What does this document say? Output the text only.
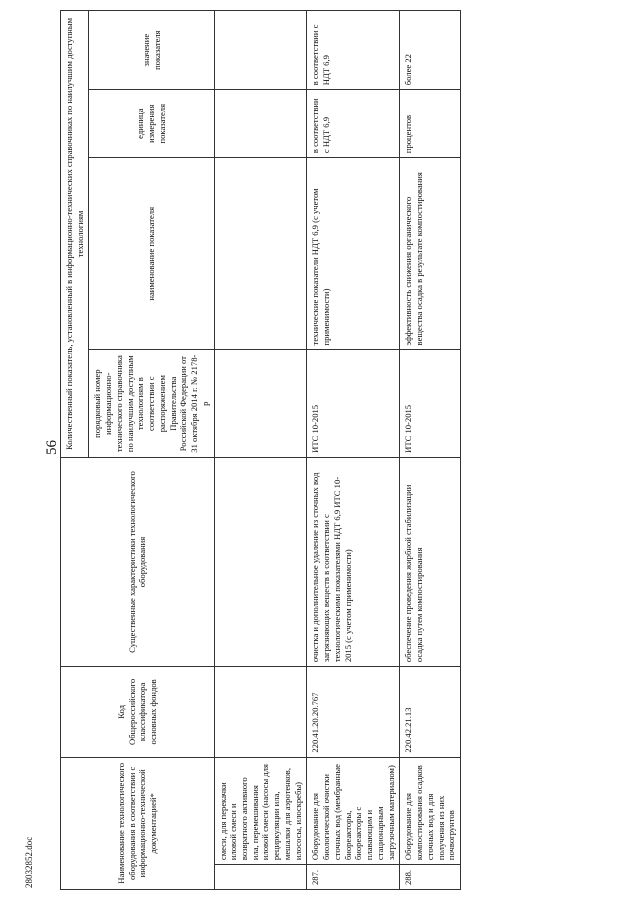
56
Наименование технологического оборудования в соответствии с информационно-технической документацией*		Код Общероссийского классификатора основных фондов	Существенные характеристики технологического оборудования	Количественный показатель, установленный в информационно-технических справочниках по наилучшим доступным технологиям			
				порядковый номер информационно-технического справочника по наилучшим доступным технологиям в соответствии с распоряжением Правительства Российской Федерации от 31 октября 2014 г. № 2178-р	наименование показателя	единица измерения показателя	значение показателя
	смеси, для перекачки иловой смеси и возвратного активного ила, перемешивания иловой смеси (насосы для рециркуляции ила, мешалки для аэротенков, илососы, илоскребы)						
287.	Оборудование для биологической очистки сточных вод (мембранные биореакторы, биореакторы с плавающим и стационарным загрузочным материалом)	220.41.20.20.767	очистка и дополнительное удаление из сточных вод загрязняющих веществ в соответствии с технологическими показателями НДТ 6,9 ИТС 10-2015 (с учетом применимости)	ИТС 10-2015	технические показатели НДТ 6,9 (с учетом применимости)	в соответствии с НДТ 6,9	в соответствии с НДТ 6,9
288.	Оборудование для компостирования осадков сточных вод и для получения из них почвогрунтов	220.42.21.13	обеспечение проведения жирбной стабилизации осадка путем компостирования	ИТС 10-2015	эффективность снижения органического вещества осадка в результате компостирования	процентов	более 22
28032852.doc
